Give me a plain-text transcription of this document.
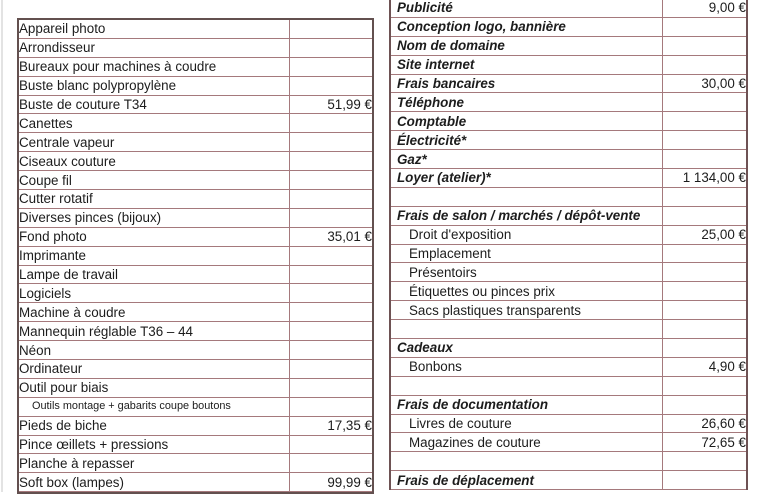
Appareil photo	
Arrondisseur	
Bureaux pour machines à coudre	
Buste blanc polypropylène	
Buste de couture T34	51,99 €
Canettes	
Centrale vapeur	
Ciseaux couture	
Coupe fil	
Cutter rotatif	
Diverses pinces (bijoux)	
Fond photo	35,01 €
Imprimante	
Lampe de travail	
Logiciels	
Machine à coudre	
Mannequin réglable T36 – 44	
Néon	
Ordinateur	
Outil pour biais	
Outils montage + gabarits coupe boutons	
Pieds de biche	17,35 €
Pince œillets + pressions	
Planche à repasser	
Soft box (lampes)	99,99 €
Publicité	9,00 €
Conception logo, bannière	
Nom de domaine	
Site internet	
Frais bancaires	30,00 €
Téléphone	
Comptable	
Électricité*	
Gaz*	
Loyer (atelier)*	1 134,00 €

Frais de salon / marchés / dépôt-vente	
Droit d'exposition	25,00 €
Emplacement	
Présentoirs	
Étiquettes ou pinces prix	
Sacs plastiques transparents	

Cadeaux	
Bonbons	4,90 €

Frais de documentation	
Livres de couture	26,60 €
Magazines de couture	72,65 €

Frais de déplacement	
